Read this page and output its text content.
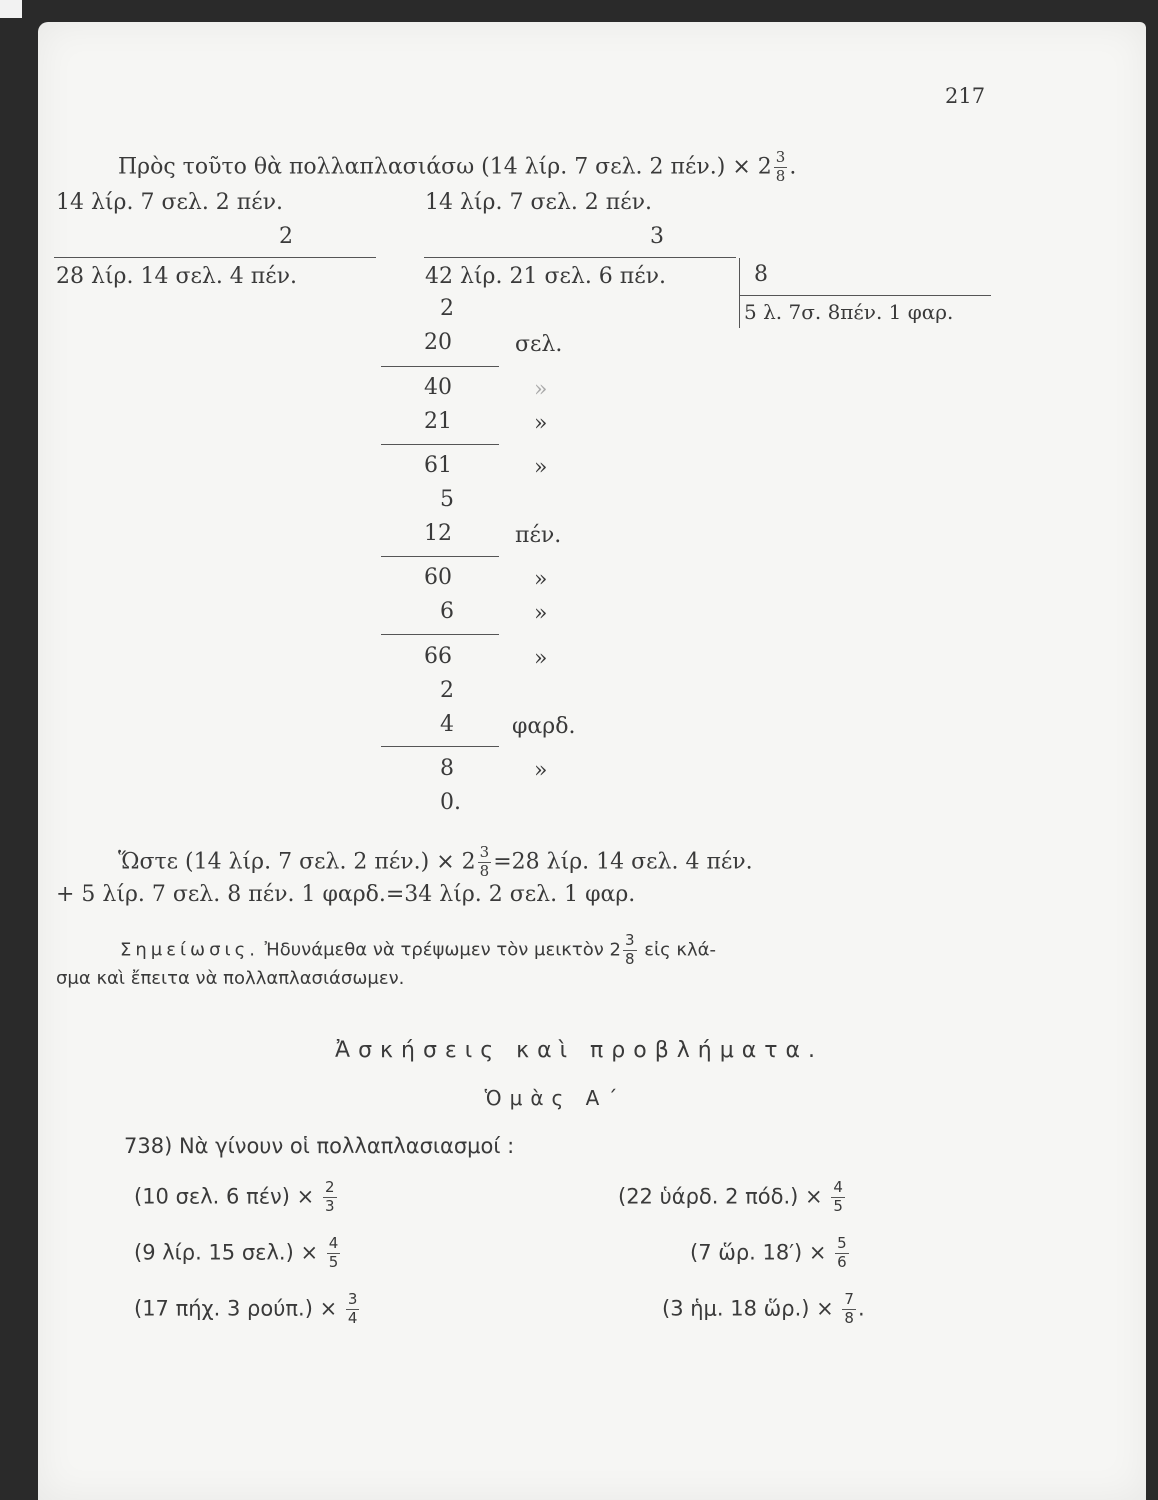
217
Πρὸς τοῦτο θὰ πολλαπλασιάσω (14 λίρ. 7 σελ. 2 $\pi έ\nu.) \times 2 \frac{3}{8}$ .
14 λίρ. 7 σελ. 2 πέν.
2
28 λίρ. 14 σελ. 4 πέν.
14 λίρ. 7 σελ. 2 πέν.
3
42 λίρ. 21 σελ. 6 πέν.	8
5 λ. 7σ. 8πέν. 1 φαρ.
2
20	σελ.
40	»
21	»
61	»
5
12	πέν.
60	»
6	»
66	»
2
4	φαρδ.
8	»
0.
Ὥστε (14 λίρ. 7 σελ. 2 $\pi έ\nu.) \times 2 \frac{3}{8} =28$ λίρ. 14 σελ. 4 πέν.
+ 5 λίρ. 7 σελ. 8 πέν. 1 φαρδ.=34 λίρ. 2 σελ. 1 φαρ.
Σημείωσις. Ἠδυνάμεθα νὰ τρέψωμεν τὸν μεικτὸν $2 \frac{3}{8}$ εἰς κλά-
σμα καὶ ἔπειτα νὰ πολλαπλασιάσωμεν.
Ἀσκήσεις καὶ προβλήματα.
Ὁμὰς Α΄
738) Νὰ γίνουν οἱ πολλαπλασιασμοί :
(10 σελ. 6 $\pi έ\nu) \times \frac{2}{3}$	(22 ὑάρδ. 2 $\pi ό\delta.) \times \frac{4}{5}$
(9 λίρ. 15 $\sigma\varepsilon\lambda.) \times \frac{4}{5}$	(7 ὥρ. $18') \times \frac{5}{6}$
(17 πήχ. 3 $\rho oύ\pi.) \times \frac{3}{4}$	(3 ἡμ. 18 ὥρ.) × $\frac{7}{8}$ .
